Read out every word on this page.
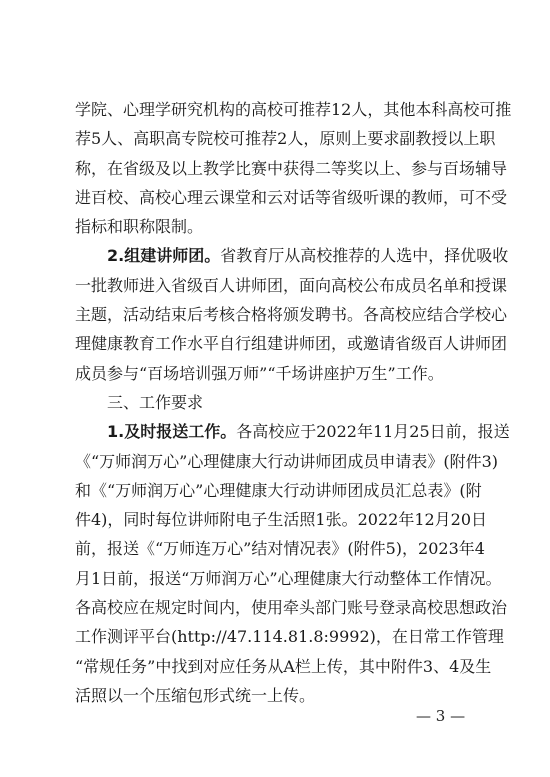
学院、心理学研究机构的高校可推荐12人，其他本科高校可推
荐5人、高职高专院校可推荐2人，原则上要求副教授以上职
称，在省级及以上教学比赛中获得二等奖以上、参与百场辅导
进百校、高校心理云课堂和云对话等省级听课的教师，可不受
指标和职称限制。
2.组建讲师团。省教育厅从高校推荐的人选中，择优吸收
一批教师进入省级百人讲师团，面向高校公布成员名单和授课
主题，活动结束后考核合格将颁发聘书。各高校应结合学校心
理健康教育工作水平自行组建讲师团，或邀请省级百人讲师团
成员参与“百场培训强万师”“千场讲座护万生”工作。
三、工作要求
1.及时报送工作。各高校应于2022年11月25日前，报送
《“万师润万心”心理健康大行动讲师团成员申请表》(附件3)
和《“万师润万心”心理健康大行动讲师团成员汇总表》(附
件4)，同时每位讲师附电子生活照1张。2022年12月20日
前，报送《“万师连万心”结对情况表》(附件5)，2023年4
月1日前，报送“万师润万心”心理健康大行动整体工作情况。
各高校应在规定时间内，使用牵头部门账号登录高校思想政治
工作测评平台(http://47.114.81.8:9992)，在日常工作管理
“常规任务”中找到对应任务从A栏上传，其中附件3、4及生
活照以一个压缩包形式统一上传。
— 3 —
